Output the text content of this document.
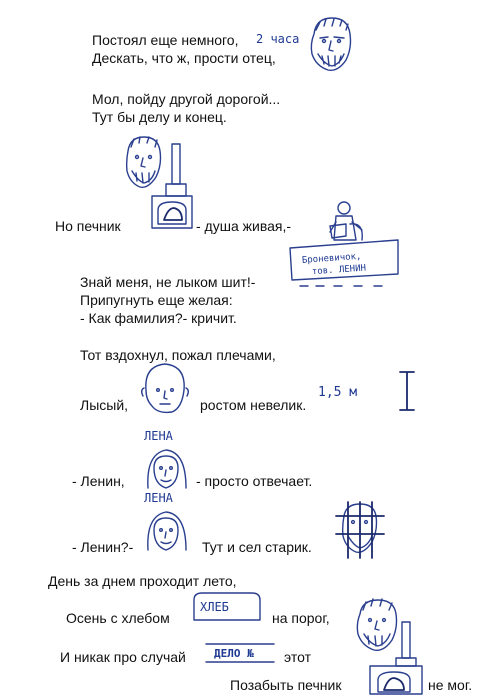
Постоял еще немного,
Дескать, что ж, прости отец,
Мол, пойду другой дорогой...
Тут бы делу и конец.
2 часа
Но печник	- душа живая,-
Броневичок,
тов. ЛЕНИН
Знай меня, не лыком шит!-
Припугнуть еще желая:
- Как фамилия?- кричит.
Тот вздохнул, пожал плечами,
Лысый,	ростом невелик.
1,5 м
ЛЕНА
- Ленин,	- просто отвечает.
ЛЕНА
- Ленин?-	Тут и сел старик.
День за днем проходит лето,
ХЛЕБ
Осень с хлебом	на порог,
ДЕЛО №
И никак про случай	этот
Позабыть печник	не мог.
